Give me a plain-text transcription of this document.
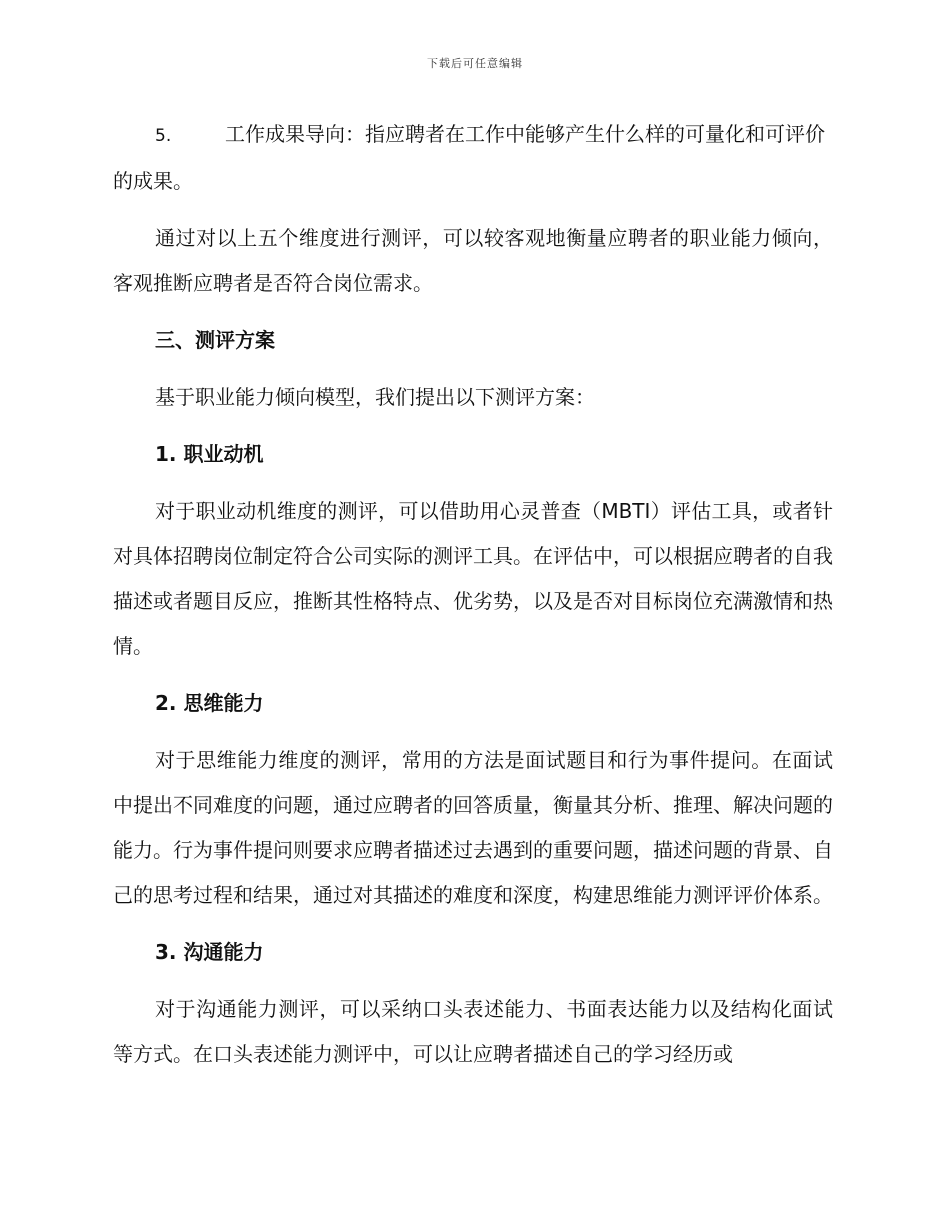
下载后可任意编辑

5.	工作成果导向：指应聘者在工作中能够产生什么样的可量化和可评价的成果。

通过对以上五个维度进行测评，可以较客观地衡量应聘者的职业能力倾向，客观推断应聘者是否符合岗位需求。

三、测评方案

基于职业能力倾向模型，我们提出以下测评方案：

1. 职业动机

对于职业动机维度的测评，可以借助用心灵普查（MBTI）评估工具，或者针对具体招聘岗位制定符合公司实际的测评工具。在评估中，可以根据应聘者的自我描述或者题目反应，推断其性格特点、优劣势，以及是否对目标岗位充满激情和热情。

2. 思维能力

对于思维能力维度的测评，常用的方法是面试题目和行为事件提问。在面试中提出不同难度的问题，通过应聘者的回答质量，衡量其分析、推理、解决问题的能力。行为事件提问则要求应聘者描述过去遇到的重要问题，描述问题的背景、自己的思考过程和结果，通过对其描述的难度和深度，构建思维能力测评评价体系。

3. 沟通能力

对于沟通能力测评，可以采纳口头表述能力、书面表达能力以及结构化面试等方式。在口头表述能力测评中，可以让应聘者描述自己的学习经历或
